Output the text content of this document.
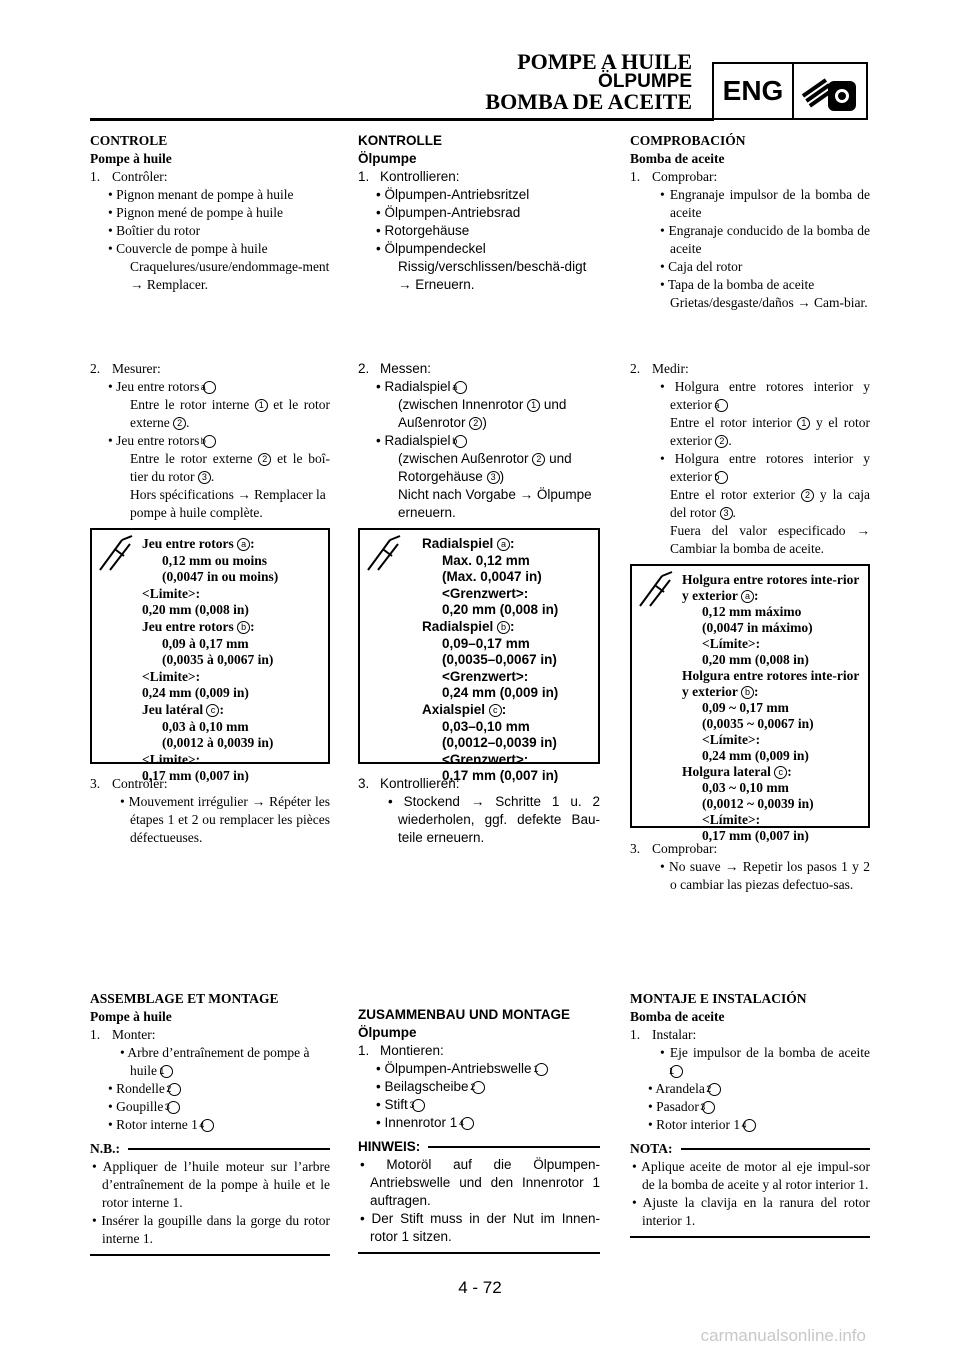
POMPE A HUILE
ÖLPUMPE
BOMBA DE ACEITE	ENG
CONTROLE
Pompe à huile
1. Contrôler:
• Pignon menant de pompe à huile
• Pignon mené de pompe à huile
• Boîtier du rotor
• Couvercle de pompe à huile
Craquelures/usure/endommage-ment → Remplacer.
2. Mesurer:
• Jeu entre rotors a
Entre le rotor interne 1 et le rotor externe 2 .
• Jeu entre rotors b
Entre le rotor externe 2 et le boî-tier du rotor 3 .
Hors spécifications → Remplacer la pompe à huile complète.
Jeu entre rotors a :
0,12 mm ou moins
(0,0047 in ou moins)
<Limite>:
0,20 mm (0,008 in)
Jeu entre rotors b :
0,09 à 0,17 mm
(0,0035 à 0,0067 in)
<Limite>:
0,24 mm (0,009 in)
Jeu latéral c :
0,03 à 0,10 mm
(0,0012 à 0,0039 in)
<Limite>:
0,17 mm (0,007 in)
3. Contrôler:
• Mouvement irrégulier → Répéter les étapes 1 et 2 ou remplacer les pièces défectueuses.
ASSEMBLAGE ET MONTAGE
Pompe à huile
1. Monter:
• Arbre d’entraînement de pompe à huile 1
• Rondelle 2
• Goupille 3
• Rotor interne 1 4
N.B.:
• Appliquer de l’huile moteur sur l’arbre d’entraînement de la pompe à huile et le rotor interne 1.
• Insérer la goupille dans la gorge du rotor interne 1.
KONTROLLE
Ölpumpe
1. Kontrollieren:
• Ölpumpen-Antriebsritzel
• Ölpumpen-Antriebsrad
• Rotorgehäuse
• Ölpumpendeckel
Rissig/verschlissen/beschä-digt → Erneuern.
2. Messen:
• Radialspiel a
(zwischen Innenrotor 1 und Außenrotor 2 )
• Radialspiel b
(zwischen Außenrotor 2 und Rotorgehäuse 3 )
Nicht nach Vorgabe → Ölpumpe erneuern.
Radialspiel a :
Max. 0,12 mm
(Max. 0,0047 in)
<Grenzwert>:
0,20 mm (0,008 in)
Radialspiel b :
0,09–0,17 mm
(0,0035–0,0067 in)
<Grenzwert>:
0,24 mm (0,009 in)
Axialspiel c :
0,03–0,10 mm
(0,0012–0,0039 in)
<Grenzwert>:
0,17 mm (0,007 in)
3. Kontrollieren:
• Stockend → Schritte 1 u. 2 wiederholen, ggf. defekte Bau-teile erneuern.
ZUSAMMENBAU UND MONTAGE
Ölpumpe
1. Montieren:
• Ölpumpen-Antriebswelle 1
• Beilagscheibe 2
• Stift 3
• Innenrotor 1 4
HINWEIS:
• Motoröl auf die Ölpumpen-Antriebswelle und den Innenrotor 1 auftragen.
• Der Stift muss in der Nut im Innen-rotor 1 sitzen.
COMPROBACIÓN
Bomba de aceite
1. Comprobar:
• Engranaje impulsor de la bomba de aceite
• Engranaje conducido de la bomba de aceite
• Caja del rotor
• Tapa de la bomba de aceite
Grietas/desgaste/daños → Cam-biar.
2. Medir:
• Holgura entre rotores interior y exterior a
Entre el rotor interior 1 y el rotor exterior 2 .
• Holgura entre rotores interior y exterior b
Entre el rotor exterior 2 y la caja del rotor 3 .
Fuera del valor especificado → Cambiar la bomba de aceite.
Holgura entre rotores inte-rior y exterior a :
0,12 mm máximo
(0,0047 in máximo)
<Límite>:
0,20 mm (0,008 in)
Holgura entre rotores inte-rior y exterior b :
0,09 ~ 0,17 mm
(0,0035 ~ 0,0067 in)
<Límite>:
0,24 mm (0,009 in)
Holgura lateral c :
0,03 ~ 0,10 mm
(0,0012 ~ 0,0039 in)
<Límite>:
0,17 mm (0,007 in)
3. Comprobar:
• No suave → Repetir los pasos 1 y 2 o cambiar las piezas defectuo-sas.
MONTAJE E INSTALACIÓN
Bomba de aceite
1. Instalar:
• Eje impulsor de la bomba de aceite 1
• Arandela 2
• Pasador 3
• Rotor interior 1 4
NOTA:
• Aplique aceite de motor al eje impul-sor de la bomba de aceite y al rotor interior 1.
• Ajuste la clavija en la ranura del rotor interior 1.
4 - 72
carmanualsonline.info
